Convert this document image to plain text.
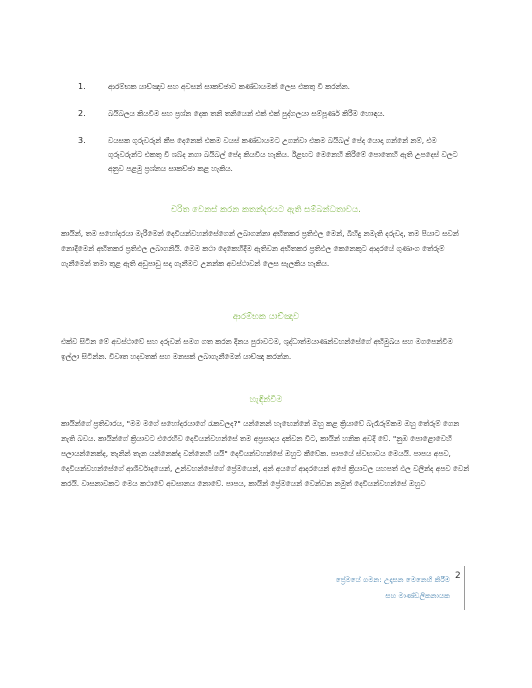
1.	ආරම්භක යාච්ඤාව සහ අවසන් සාකච්ඡාව කණ්ඩායමක් ලෙස එකතු වී කරන්න.
2.	බයිබලය කියවීම සහ ප්‍රශ්න දෙක තනි තනියෙන් එක් එක් පුද්ගලයා සම්පූර්ණ කිරීම හොඳය.
3.	වයසක ගුරුවරුන් කීප දෙනෙක් එකම වයස් කණ්ඩායමට උගන්වා එකම බයිබල් පේද යොදා ගන්නේ නම්, එම ගුරුවරුන්ට එකතු වී ශබ්ද නගා බයිබල් පේද කියවිය හැකිය. ඊළඟට මෙනෙහි කිරීමේ පොතෙහි ඇති උපදෙස් වලට අනුව පළමු ප්‍රශ්නය සාකච්ඡා කළ හැකිය.
චරිත වෙනස් කරන කතන්දරයට ඇති සම්බන්ධතාවය.
කායින්, තම සහෝදරයා මැරීමෙන් දෙවියන්වහන්සේගෙන් ලබාගන්නා අභිතකර ප්‍රතිඵල මෙන්, බිහිදු නමැති දරුවද, තම පියාට සවන් නොදීමෙන් අභිතකර ප්‍රතිඵල ලබාගනියි. මෙම කථා දෙකෙහිදීම ඇතිවන අභිතකර ප්‍රතිඵල කෙනෙකුට ආදරයේ ගුණාංග තේරුම් ගැනීමෙන් තමා තුළ ඇති අඩුපාඩු සදා ගැනීමට උනන්ක අවස්ථාවන් ලෙස සැලකිය හැකිය.
ආරම්භක යාච්ඤාව
එක්ව සිටින මේ අවස්ථාවේ සහ දරුවන් සමග ගත කරන දිනය පුරාවටම, ශුද්ධාත්මයාණන්වහන්සේගේ අභිමුඛය සහ මගපෙන්වීම ඉල්ලා සිටින්න. විවෘත හදවතක් සහ මනසක් ලබාගැනීමෙන් යාච්ඤා කරන්න.
හැඳින්වීම
කායින්ගේ ප්‍රතිචාරය, "මම මගේ සහෝදරයාගේ රැකවලද?" යන්නෙන් හැඟෙන්නේ ඔහු කළ ක්‍රියාවේ බැරෑරුම්කම ඔහු තේරුම් ගෙන නැති බවය. කායින්ගේ ක්‍රියාවට එරෙහිව දෙවියන්වහන්සේ තම අප්‍රසාදය දක්වන විට, කායින් හනික අවදි වේ. "නුඹ පොළොවෙහි පලායන්නෙක්ද, තැනින් තැන යන්නෙක්ද වන්නෙහි යයි" දෙවියන්වහන්සේ ඔහුට කීවේක. පාපයේ ස්වභාවය මෙයයි. පාපය අපව, දෙවියන්වහන්සේගේ ආශිර්වාදයෙන්, උන්වහන්සේගේ ප්‍රේමයෙන්, අන් අයගේ ආදරයෙන් අපේ ක්‍රියාවල යහපත් ඵල වලින්ද අපව වෙන් කරයි. වාසනාවකට මෙය කථාවේ අවසානය නොවේ. පාපය, කායින් ප්‍රේමයෙන් වෙන්වන නමුත් දෙවියන්වහන්සේ ඔහුව
ප්‍රේමයේ ගමන: උදෑසන මෙනෙහි කිරීම
සහ මාණ්ඩලිකනායක
2
